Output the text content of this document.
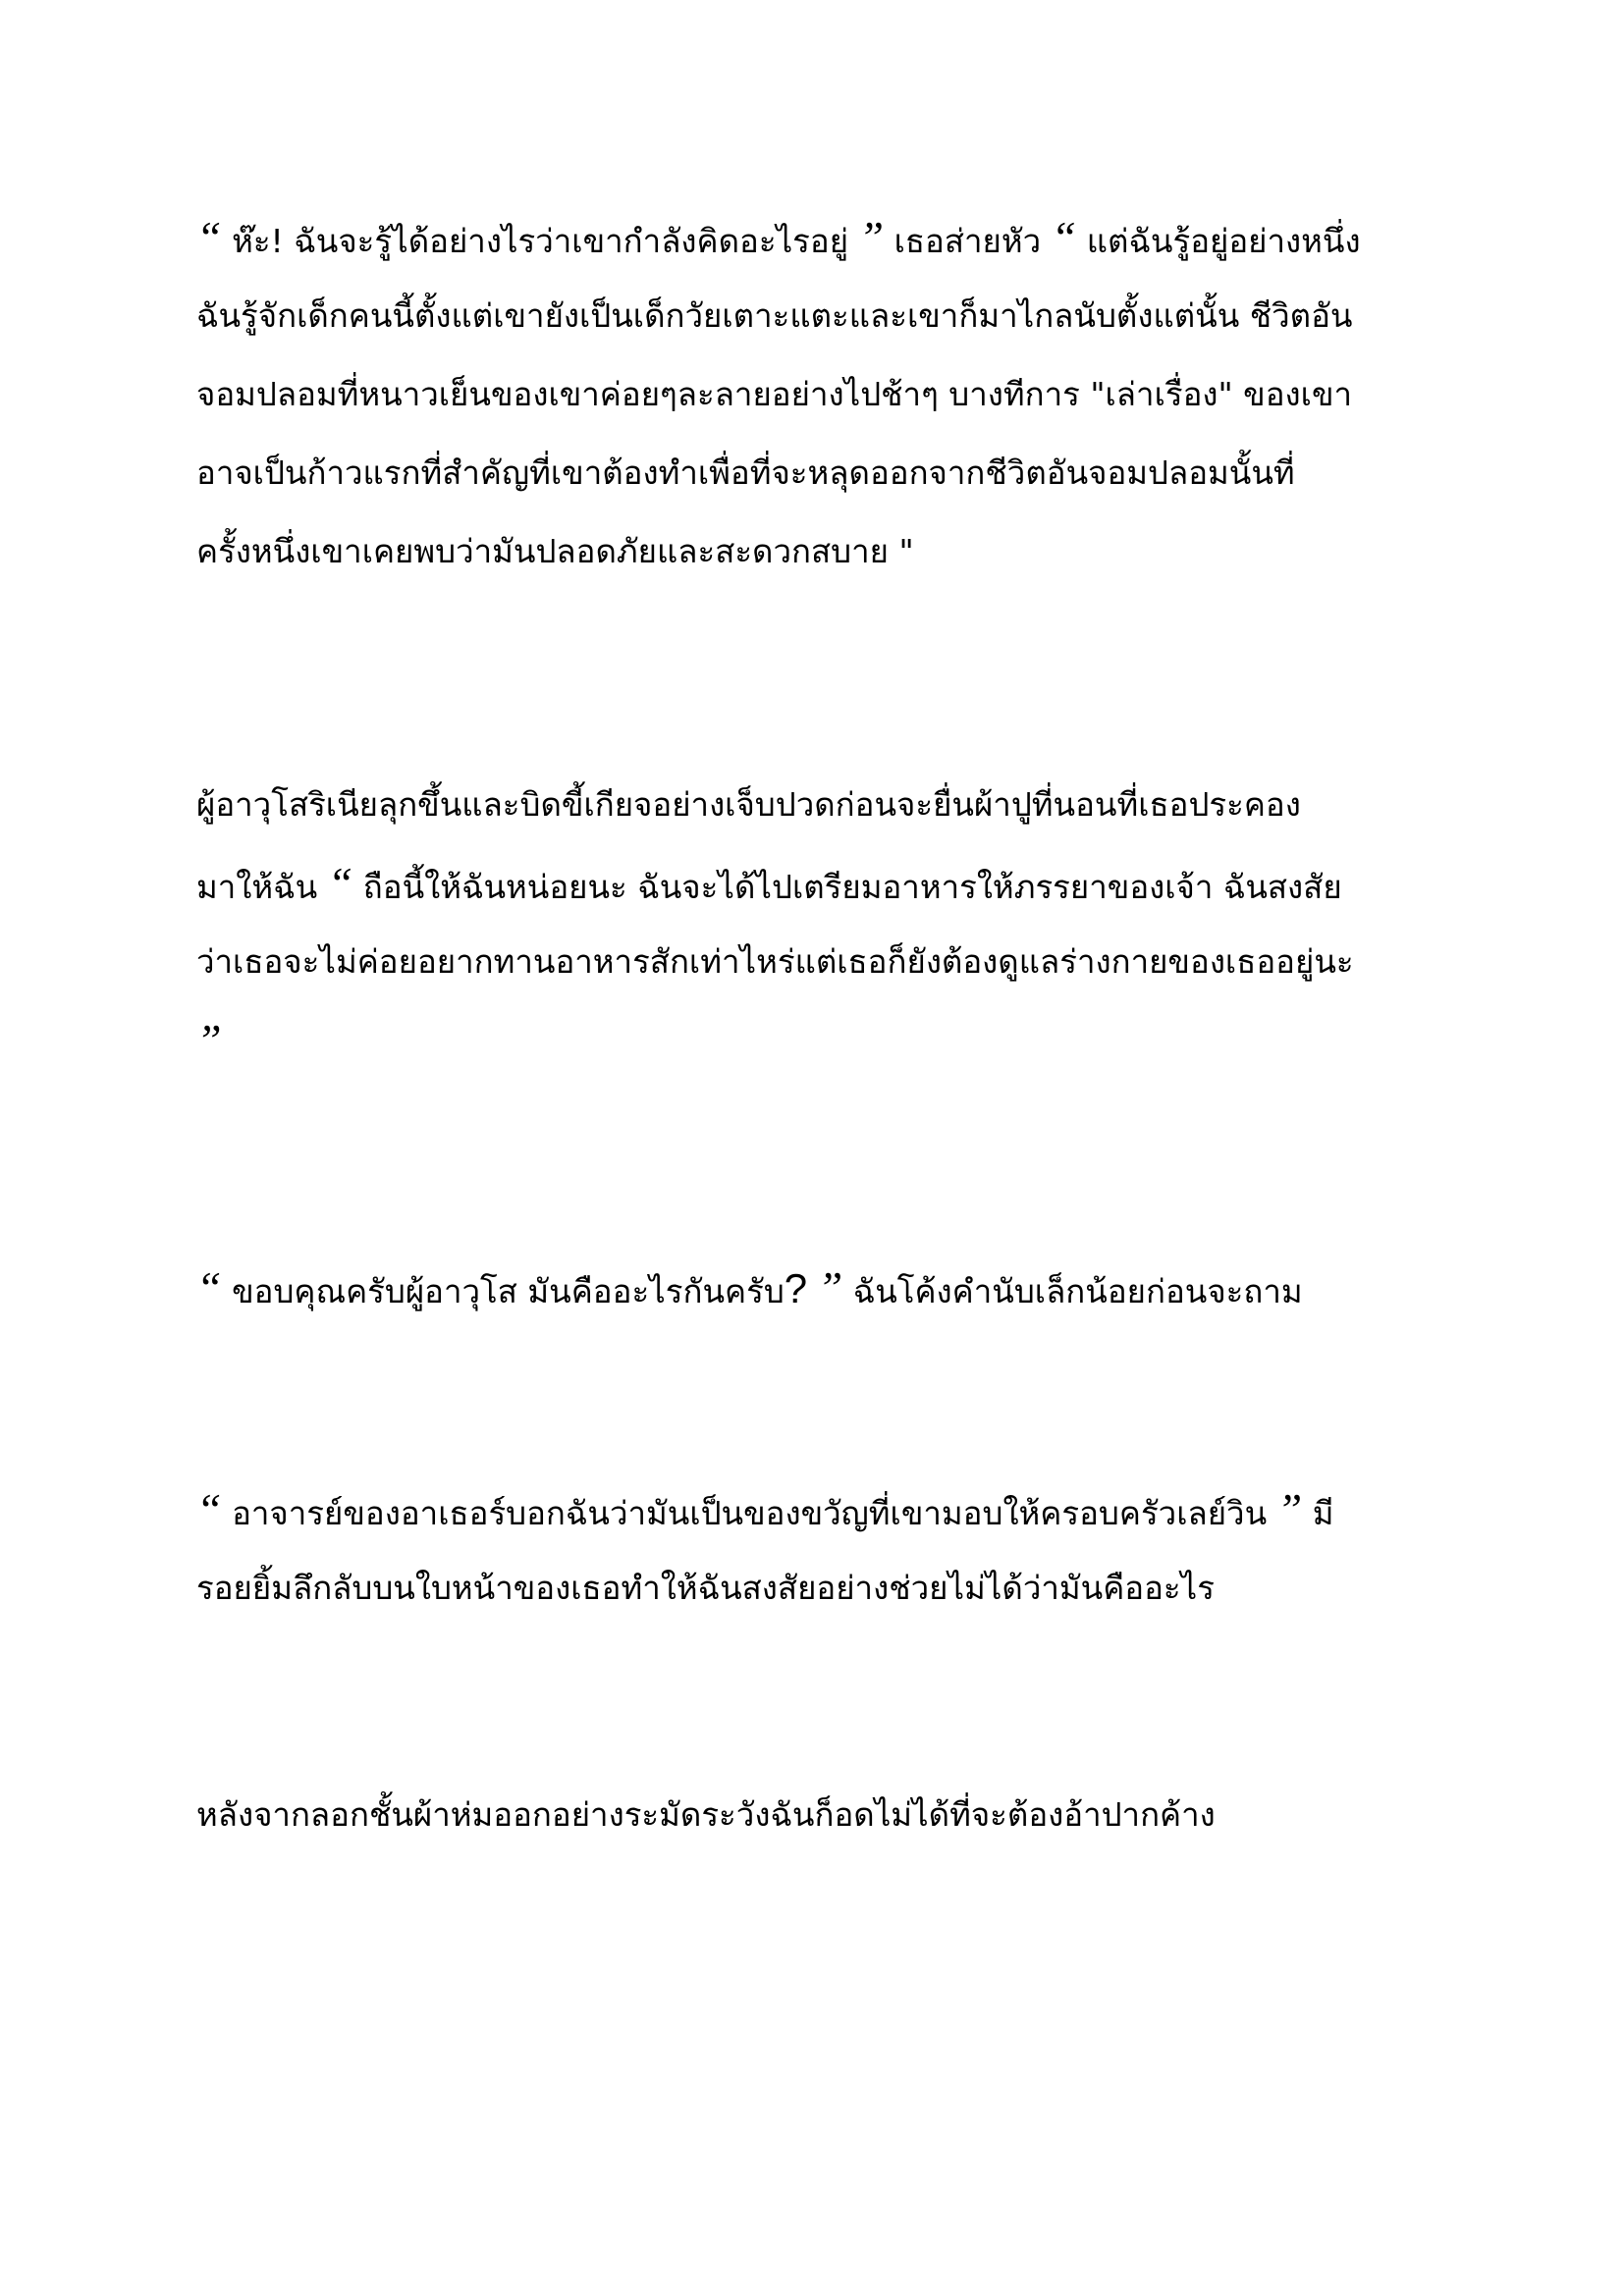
“ ห๊ะ! ฉันจะรู้ได้อย่างไรว่าเขากำลังคิดอะไรอยู่ ” เธอส่ายหัว “ แต่ฉันรู้อยู่อย่างหนึ่ง
ฉันรู้จักเด็กคนนี้ตั้งแต่เขายังเป็นเด็กวัยเตาะแตะและเขาก็มาไกลนับตั้งแต่นั้น ชีวิตอัน
จอมปลอมที่หนาวเย็นของเขาค่อยๆละลายอย่างไปช้าๆ บางทีการ "เล่าเรื่อง" ของเขา
อาจเป็นก้าวแรกที่สำคัญที่เขาต้องทำเพื่อที่จะหลุดออกจากชีวิตอันจอมปลอมนั้นที่
ครั้งหนึ่งเขาเคยพบว่ามันปลอดภัยและสะดวกสบาย "
ผู้อาวุโสริเนียลุกขึ้นและบิดขี้เกียจอย่างเจ็บปวดก่อนจะยื่นผ้าปูที่นอนที่เธอประคอง
มาให้ฉัน “ ถือนี้ให้ฉันหน่อยนะ ฉันจะได้ไปเตรียมอาหารให้ภรรยาของเจ้า ฉันสงสัย
ว่าเธอจะไม่ค่อยอยากทานอาหารสักเท่าไหร่แต่เธอก็ยังต้องดูแลร่างกายของเธออยู่นะ
”
“ ขอบคุณครับผู้อาวุโส มันคืออะไรกันครับ? ” ฉันโค้งคำนับเล็กน้อยก่อนจะถาม
“ อาจารย์ของอาเธอร์บอกฉันว่ามันเป็นของขวัญที่เขามอบให้ครอบครัวเลย์วิน ” มี
รอยยิ้มลึกลับบนใบหน้าของเธอทำให้ฉันสงสัยอย่างช่วยไม่ได้ว่ามันคืออะไร
หลังจากลอกชั้นผ้าห่มออกอย่างระมัดระวังฉันก็อดไม่ได้ที่จะต้องอ้าปากค้าง
